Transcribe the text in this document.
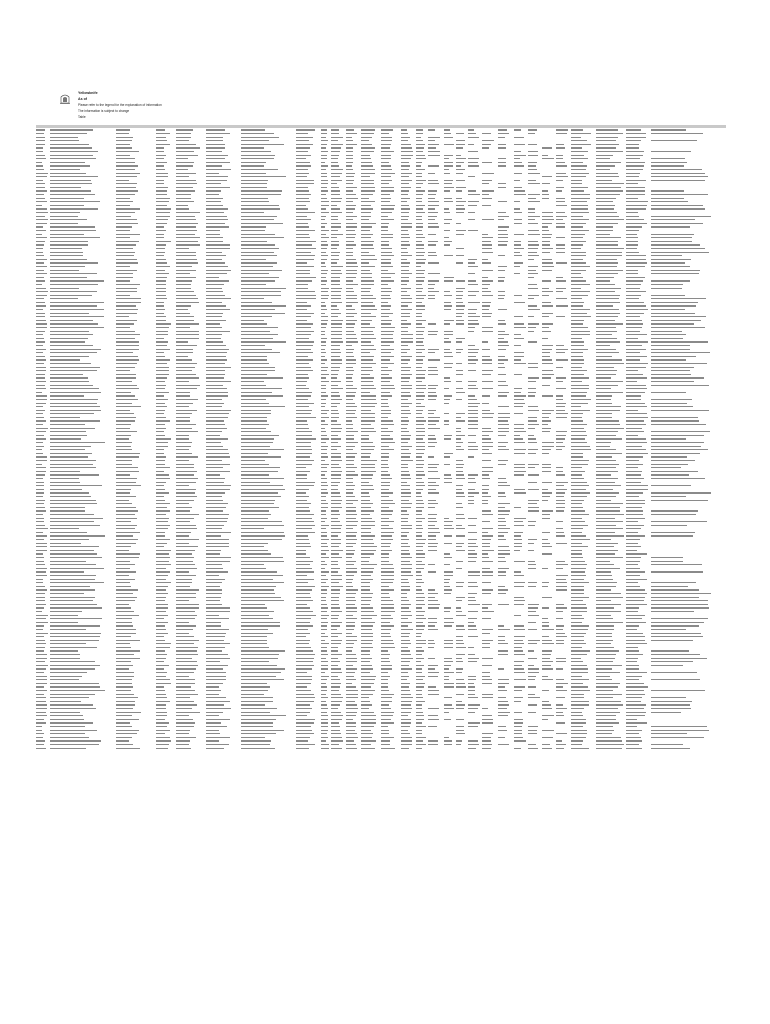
Yellowknife
As of
Please refer to the legend for the explanation of information
The information is subject to change
Table
